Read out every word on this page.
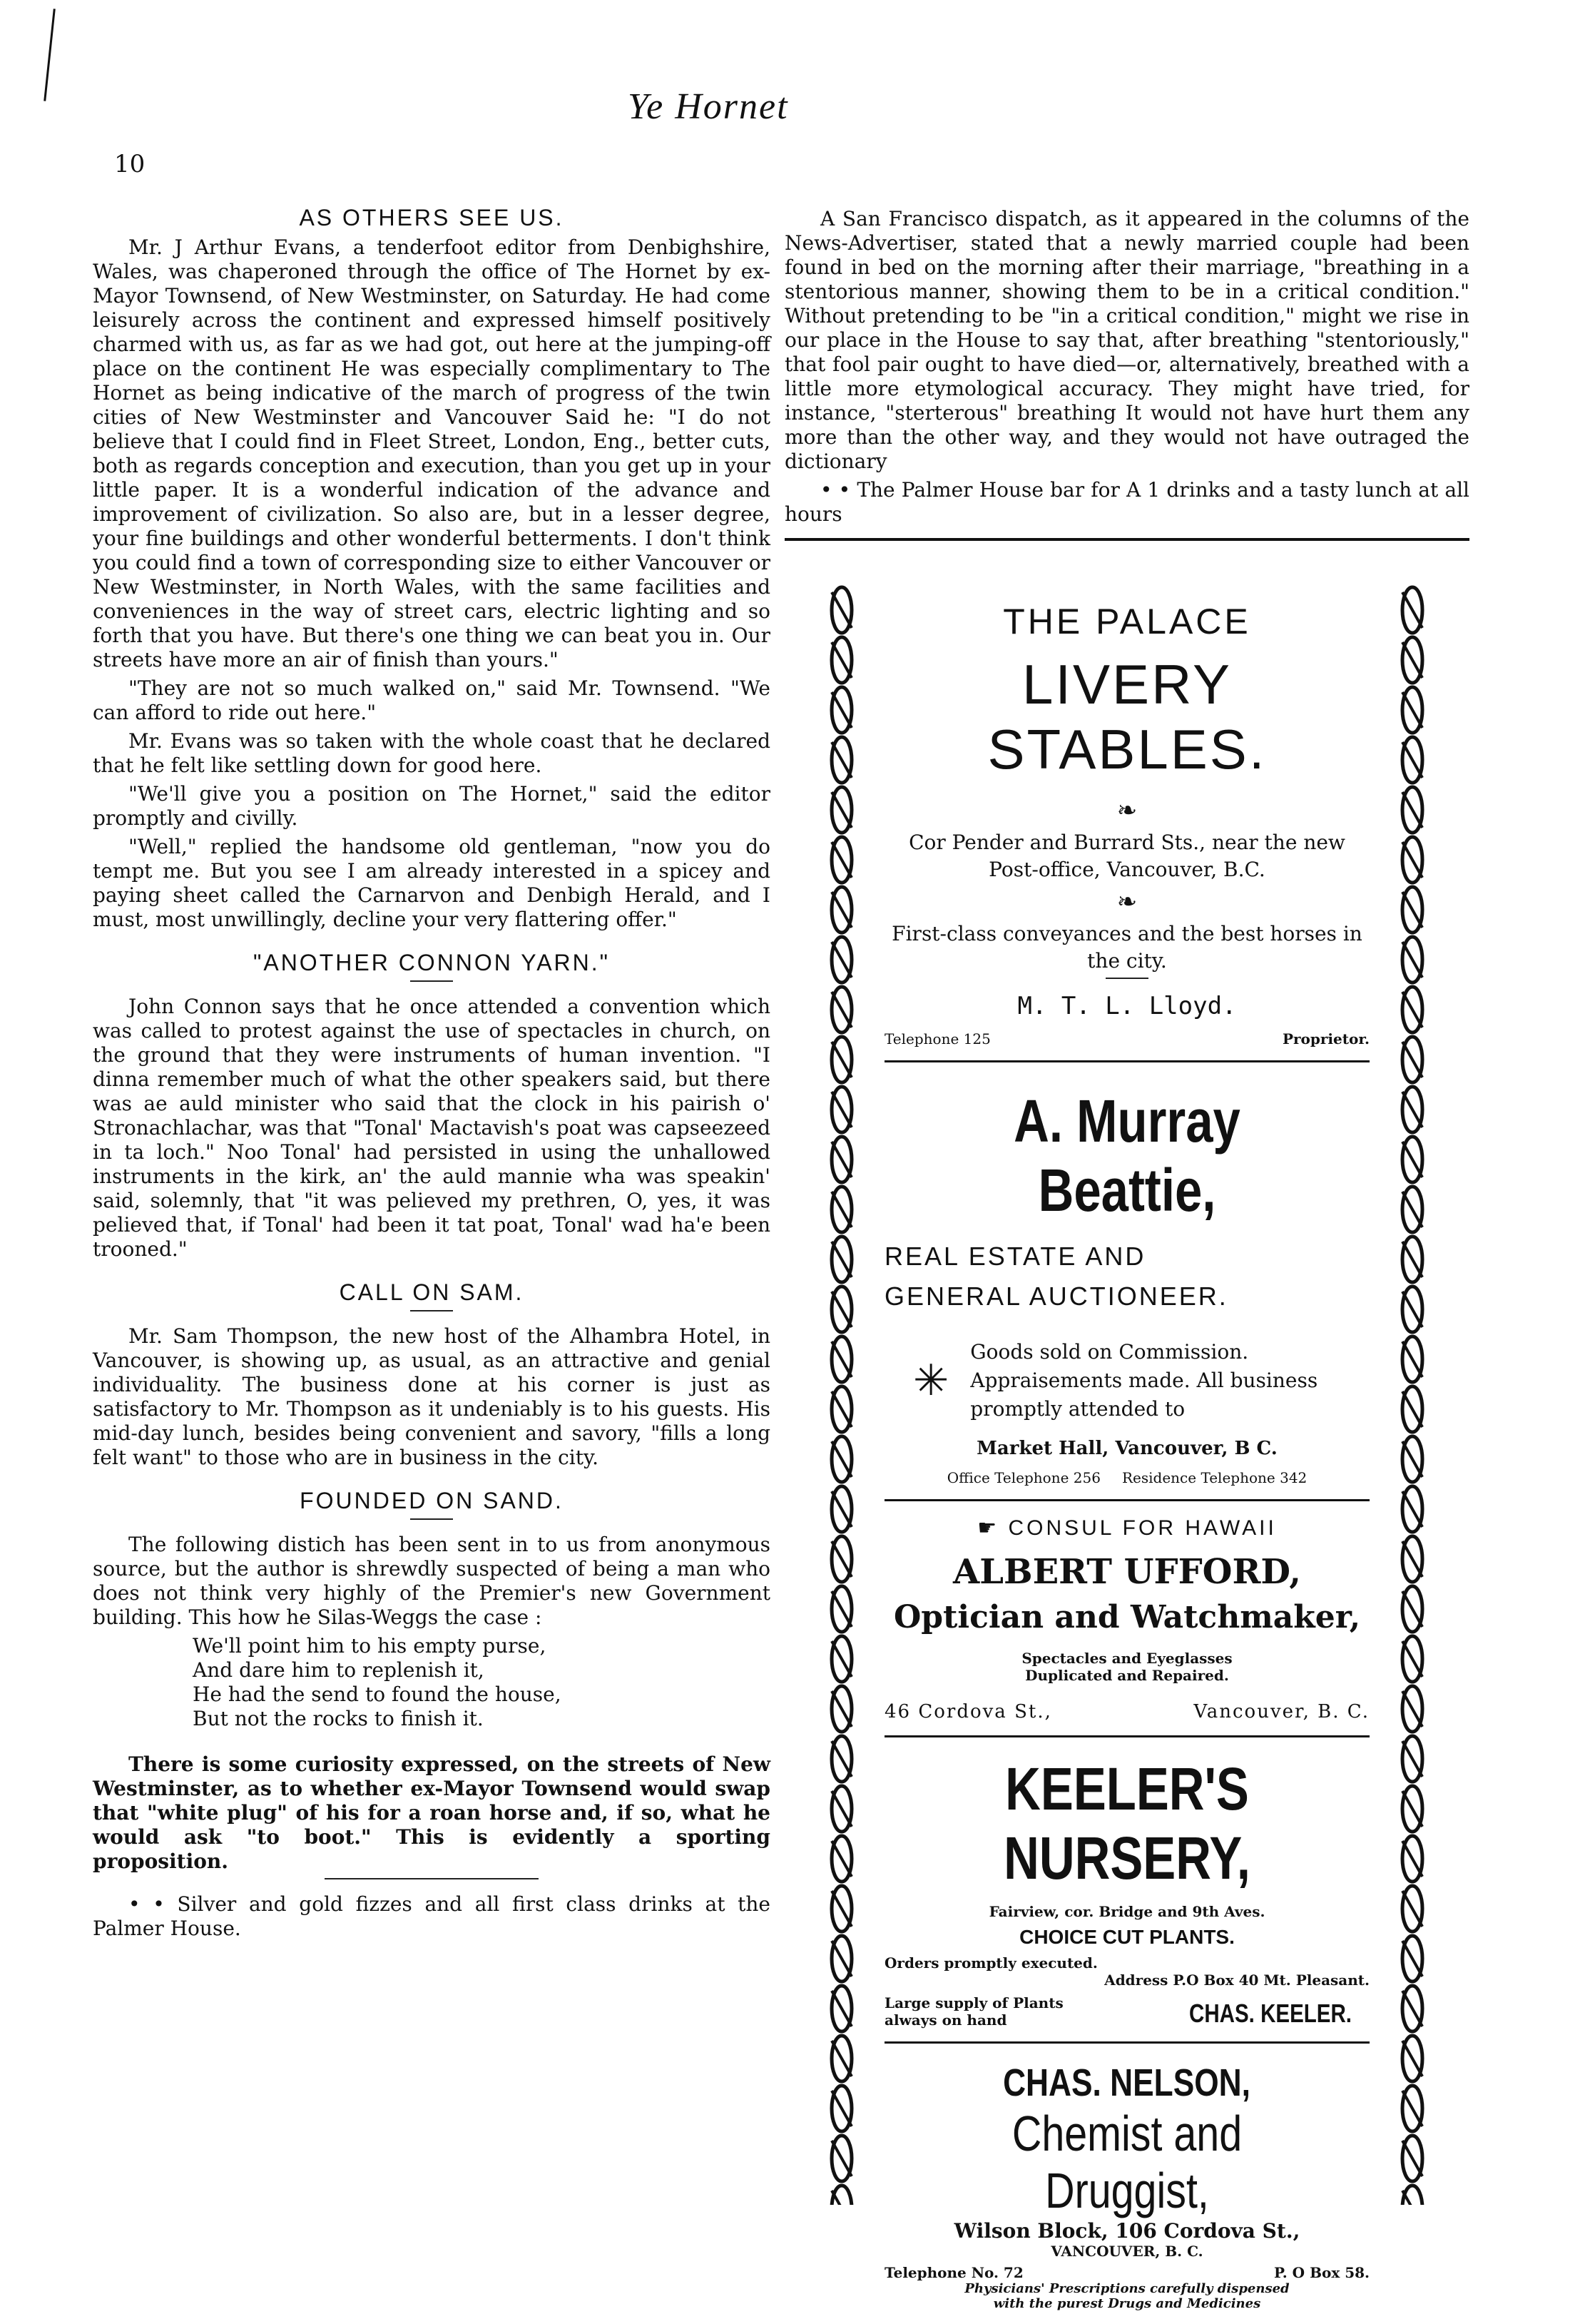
10
Ye Hornet
AS OTHERS SEE US.

Mr. J Arthur Evans, a tenderfoot editor from Denbighshire, Wales, was chaperoned through the office of The Hornet by ex-Mayor Townsend, of New Westminster, on Saturday. He had come leisurely across the continent and expressed himself positively charmed with us, as far as we had got, out here at the jumping-off place on the continent He was especially complimentary to The Hornet as being indicative of the march of progress of the twin cities of New Westminster and Vancouver Said he: "I do not believe that I could find in Fleet Street, London, Eng., better cuts, both as regards conception and execution, than you get up in your little paper. It is a wonderful indication of the advance and improvement of civilization. So also are, but in a lesser degree, your fine buildings and other wonderful betterments. I don't think you could find a town of corresponding size to either Vancouver or New Westminster, in North Wales, with the same facilities and conveniences in the way of street cars, electric lighting and so forth that you have. But there's one thing we can beat you in. Our streets have more an air of finish than yours."

"They are not so much walked on," said Mr. Townsend. "We can afford to ride out here."

Mr. Evans was so taken with the whole coast that he declared that he felt like settling down for good here.

"We'll give you a position on The Hornet," said the editor promptly and civilly.

"Well," replied the handsome old gentleman, "now you do tempt me. But you see I am already interested in a spicey and paying sheet called the Carnarvon and Denbigh Herald, and I must, most unwillingly, decline your very flattering offer."

"ANOTHER CONNON YARN."

John Connon says that he once attended a convention which was called to protest against the use of spectacles in church, on the ground that they were instruments of human invention. "I dinna remember much of what the other speakers said, but there was ae auld minister who said that the clock in his pairish o' Stronachlachar, was that "Tonal' Mactavish's poat was capseezeed in ta loch." Noo Tonal' had persisted in using the unhallowed instruments in the kirk, an' the auld mannie wha was speakin' said, solemnly, that "it was pelieved my prethren, O, yes, it was pelieved that, if Tonal' had been it tat poat, Tonal' wad ha'e been trooned."

CALL ON SAM.

Mr. Sam Thompson, the new host of the Alhambra Hotel, in Vancouver, is showing up, as usual, as an attractive and genial individuality. The business done at his corner is just as satisfactory to Mr. Thompson as it undeniably is to his guests. His mid-day lunch, besides being convenient and savory, "fills a long felt want" to those who are in business in the city.

FOUNDED ON SAND.

The following distich has been sent in to us from anonymous source, but the author is shrewdly suspected of being a man who does not think very highly of the Premier's new Government building. This how he Silas-Weggs the case :

We'll point him to his empty purse,
And dare him to replenish it,
He had the send to found the house,
But not the rocks to finish it.

There is some curiosity expressed, on the streets of New Westminster, as to whether ex-Mayor Townsend would swap that "white plug" of his for a roan horse and, if so, what he would ask "to boot." This is evidently a sporting proposition.

• • Silver and gold fizzes and all first class drinks at the Palmer House.

A San Francisco dispatch, as it appeared in the columns of the News-Advertiser, stated that a newly married couple had been found in bed on the morning after their marriage, "breathing in a stentorious manner, showing them to be in a critical condition." Without pretending to be "in a critical condition," might we rise in our place in the House to say that, after breathing "stentoriously," that fool pair ought to have died—or, alternatively, breathed with a little more etymological accuracy. They might have tried, for instance, "sterterous" breathing It would not have hurt them any more than the other way, and they would not have outraged the dictionary

• • The Palmer House bar for A 1 drinks and a tasty lunch at all hours

THE PALACE
LIVERY STABLES.
❧
Cor Pender and Burrard Sts., near the new Post-office, Vancouver, B.C.
❧
First-class conveyances and the best horses in the city.
M. T. L. Lloyd.
Telephone 125	Proprietor.
A. Murray Beattie,
REAL ESTATE AND
GENERAL AUCTIONEER.
✳
Goods sold on Commission. Appraisements made. All business promptly attended to
Market Hall, Vancouver, B C.
Office Telephone 256 Residence Telephone 342
☛ CONSUL FOR HAWAII
ALBERT UFFORD,
Optician and Watchmaker,
Spectacles and Eyeglasses
Duplicated and Repaired.
46 Cordova St.,	Vancouver, B. C.
KEELER'S NURSERY,
Fairview, cor. Bridge and 9th Aves.
CHOICE CUT PLANTS.
Orders promptly executed.
Address P.O Box 40 Mt. Pleasant.
Large supply of Plants always on hand	CHAS. KEELER.
CHAS. NELSON,
Chemist and Druggist,
Wilson Block, 106 Cordova St.,
VANCOUVER, B. C.
Telephone No. 72	P. O Box 58.
Physicians' Prescriptions carefully dispensed
with the purest Drugs and Medicines
